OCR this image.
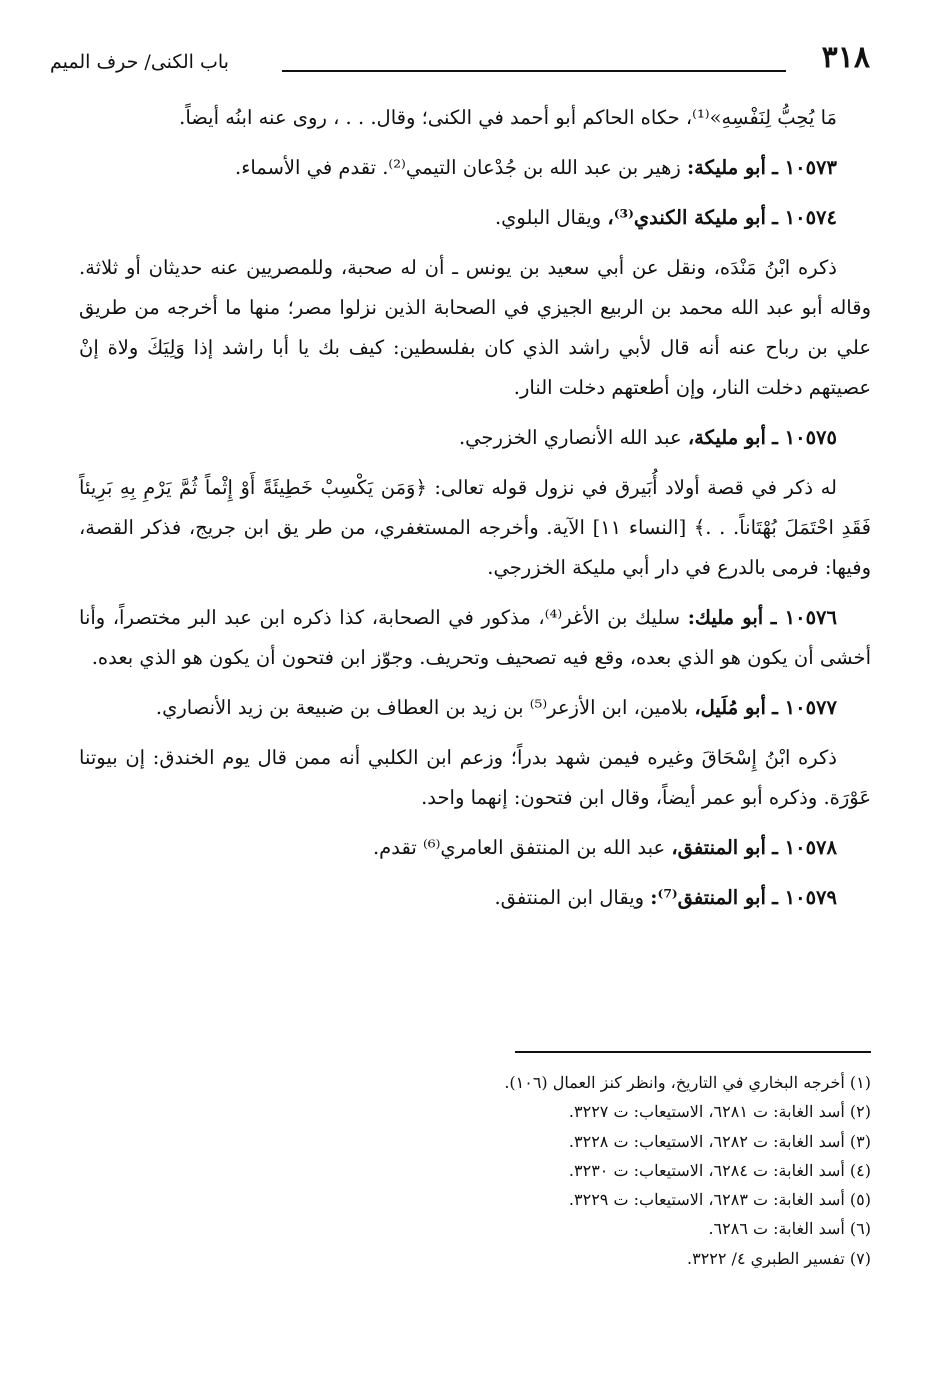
٣١٨
باب الكنى/ حرف الميم

مَا يُحِبُّ لِنَفْسِهِ»⁽¹⁾، حكاه الحاكم أبو أحمد في الكنى؛ وقال. . . ، روى عنه ابنُه أيضاً.

١٠٥٧٣ ـ أبو مليكة: زهير بن عبد الله بن جُدْعان التيمي⁽²⁾. تقدم في الأسماء.

١٠٥٧٤ ـ أبو مليكة الكندي⁽³⁾، ويقال البلوي.

ذكره ابْنُ مَنْدَه، ونقل عن أبي سعيد بن يونس ـ أن له صحبة، وللمصريين عنه حديثان أو ثلاثة. وقاله أبو عبد الله محمد بن الربيع الجيزي في الصحابة الذين نزلوا مصر؛ منها ما أخرجه من طريق علي بن رباح عنه أنه قال لأبي راشد الذي كان بفلسطين: كيف بك يا أبا راشد إذا وَلِيَكَ ولاة إنْ عصيتهم دخلت النار، وإن أطعتهم دخلت النار.

١٠٥٧٥ ـ أبو مليكة، عبد الله الأنصاري الخزرجي.

له ذكر في قصة أولاد أُبَيرق في نزول قوله تعالى: ﴿وَمَن يَكْسِبْ خَطِيئَةً أَوْ إِثْماً ثُمَّ يَرْمِ بِهِ بَرِيئاً فَقَدِ احْتَمَلَ بُهْتَاناً. . .﴾ [النساء ١١] الآية. وأخرجه المستغفري، من طر يق ابن جريج، فذكر القصة، وفيها: فرمى بالدرع في دار أبي مليكة الخزرجي.

١٠٥٧٦ ـ أبو مليك: سليك بن الأغر⁽⁴⁾، مذكور في الصحابة، كذا ذكره ابن عبد البر مختصراً، وأنا أخشى أن يكون هو الذي بعده، وقع فيه تصحيف وتحريف. وجوّز ابن فتحون أن يكون هو الذي بعده.

١٠٥٧٧ ـ أبو مُلَيل، بلامين، ابن الأزعر⁽⁵⁾ بن زيد بن العطاف بن ضبيعة بن زيد الأنصاري.

ذكره ابْنُ إِسْحَاقَ وغيره فيمن شهد بدراً؛ وزعم ابن الكلبي أنه ممن قال يوم الخندق: إن بيوتنا عَوْرَة. وذكره أبو عمر أيضاً، وقال ابن فتحون: إنهما واحد.

١٠٥٧٨ ـ أبو المنتفق، عبد الله بن المنتفق العامري⁽⁶⁾ تقدم.

١٠٥٧٩ ـ أبو المنتفق⁽⁷⁾: ويقال ابن المنتفق.

(١) أخرجه البخاري في التاريخ، وانظر كنز العمال (١٠٦).

(٢) أسد الغابة: ت ٦٢٨١، الاستيعاب: ت ٣٢٢٧.

(٣) أسد الغابة: ت ٦٢٨٢، الاستيعاب: ت ٣٢٢٨.

(٤) أسد الغابة: ت ٦٢٨٤، الاستيعاب: ت ٣٢٣٠.

(٥) أسد الغابة: ت ٦٢٨٣، الاستيعاب: ت ٣٢٢٩.

(٦) أسد الغابة: ت ٦٢٨٦.

(٧) تفسير الطبري ٤/ ٣٢٢٢.
